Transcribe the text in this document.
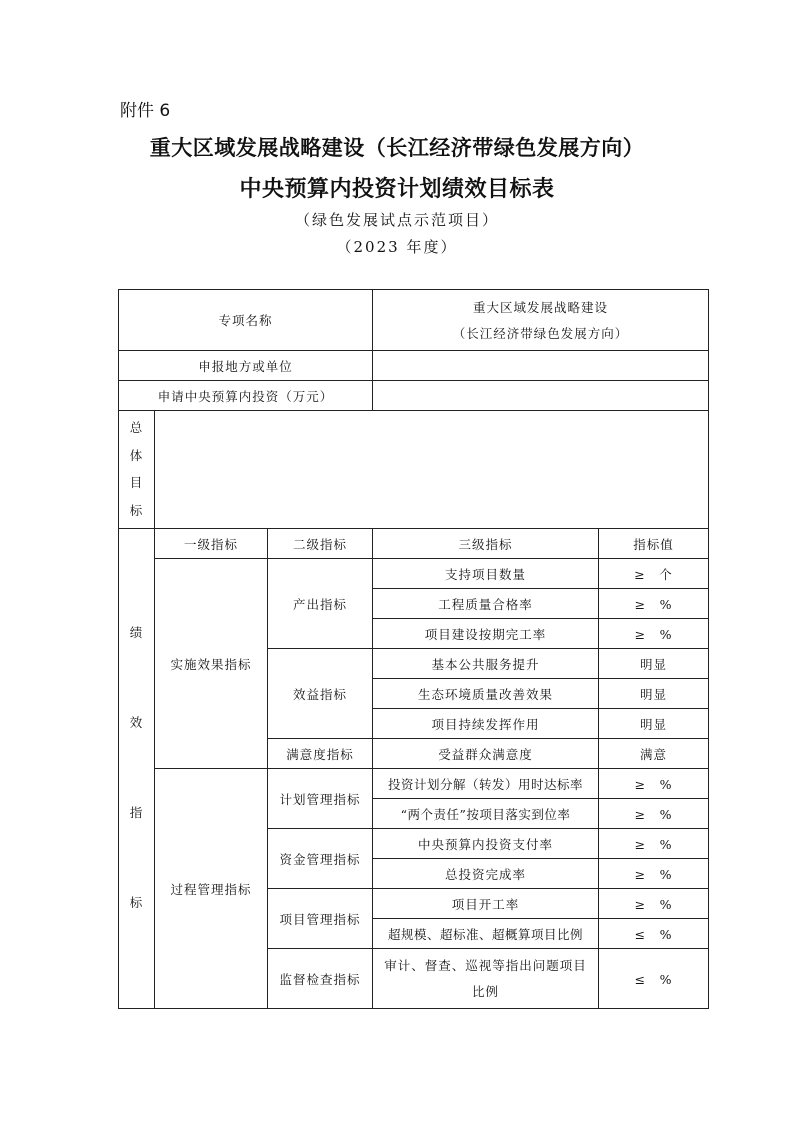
附件 6
重大区域发展战略建设（长江经济带绿色发展方向）
中央预算内投资计划绩效目标表
（绿色发展试点示范项目）
（2023 年度）
专项名称			重大区域发展战略建设
（长江经济带绿色发展方向）	

申报地方或单位				
申请中央预算内投资（万元）				

总
体
目
标				

绩
效
指
标	一级指标	二级指标	三级指标	指标值
	实施效果指标	产出指标	支持项目数量	≥　个
			工程质量合格率	≥　%
			项目建设按期完工率	≥　%
		效益指标	基本公共服务提升	明显
			生态环境质量改善效果	明显
			项目持续发挥作用	明显
		满意度指标	受益群众满意度	满意
	过程管理指标	计划管理指标	投资计划分解（转发）用时达标率	≥　%
			“两个责任”按项目落实到位率	≥　%
		资金管理指标	中央预算内投资支付率	≥　%
			总投资完成率	≥　%
		项目管理指标	项目开工率	≥　%
			超规模、超标准、超概算项目比例	≤　%
		监督检查指标	审计、督查、巡视等指出问题项目比例	≤　%
